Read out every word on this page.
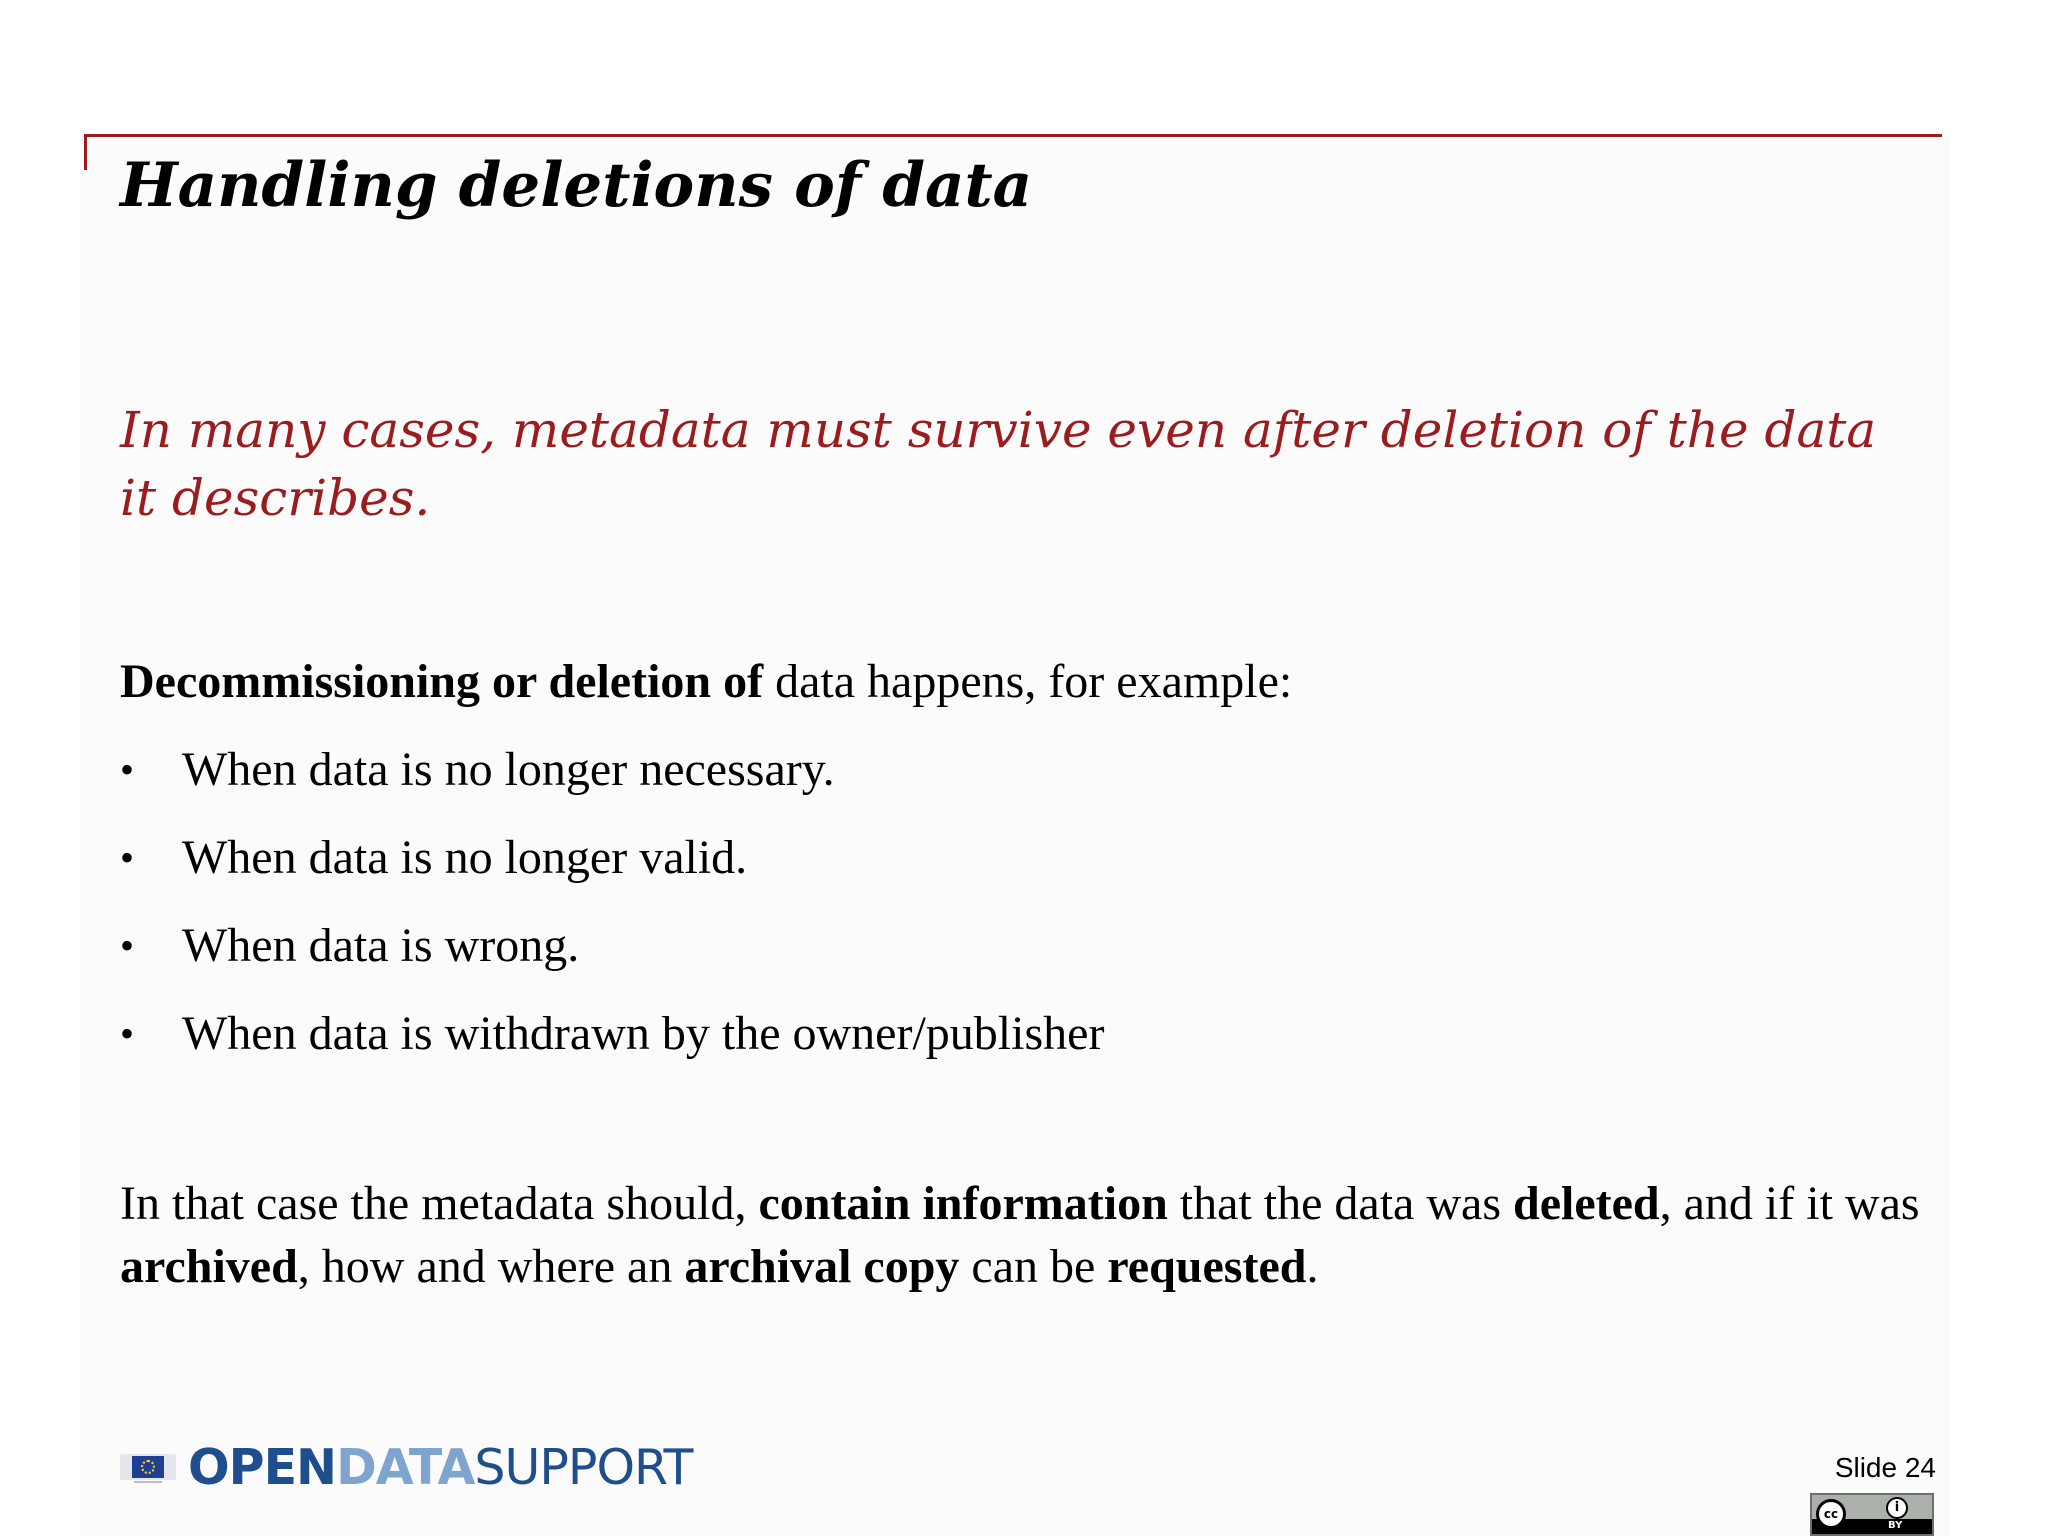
Handling deletions of data
In many cases, metadata must survive even after deletion of the data it describes.
Decommissioning or deletion of data happens, for example:
• When data is no longer necessary.
• When data is no longer valid.
• When data is wrong.
• When data is withdrawn by the owner/publisher
In that case the metadata should, contain information that the data was deleted, and if it was archived, how and where an archival copy can be requested.
OPENDATASUPPORT	Slide 24
cc	i
BY
